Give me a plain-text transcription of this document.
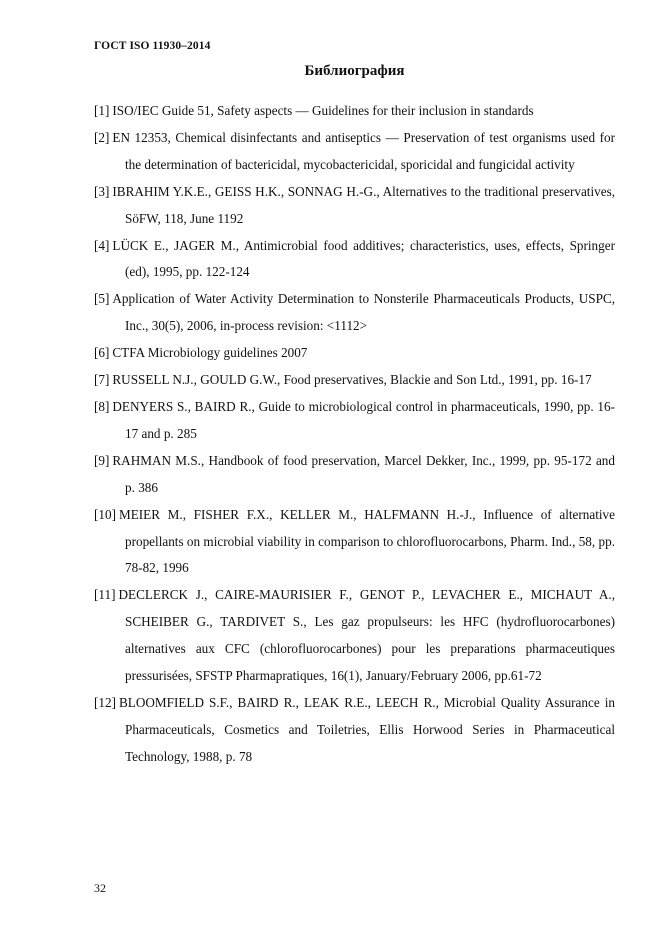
ГОСТ ISO 11930–2014
Библиография
[1] ISO/IEC Guide 51, Safety aspects — Guidelines for their inclusion in standards
[2] EN 12353, Chemical disinfectants and antiseptics — Preservation of test organisms used for the determination of bactericidal, mycobactericidal, sporicidal and fungicidal activity
[3] IBRAHIM Y.K.E., GEISS H.K., SONNAG H.-G., Alternatives to the traditional preservatives, SöFW, 118, June 1192
[4] LÜCK E., JAGER M., Antimicrobial food additives; characteristics, uses, effects, Springer (ed), 1995, pp. 122-124
[5] Application of Water Activity Determination to Nonsterile Pharmaceuticals Products, USPC, Inc., 30(5), 2006, in-process revision: <1112>
[6] CTFA Microbiology guidelines 2007
[7] RUSSELL N.J., GOULD G.W., Food preservatives, Blackie and Son Ltd., 1991, pp. 16-17
[8] DENYERS S., BAIRD R., Guide to microbiological control in pharmaceuticals, 1990, pp. 16-17 and p. 285
[9] RAHMAN M.S., Handbook of food preservation, Marcel Dekker, Inc., 1999, pp. 95-172 and p. 386
[10] MEIER M., FISHER F.X., KELLER M., HALFMANN H.-J., Influence of alternative propellants on microbial viability in comparison to chlorofluorocarbons, Pharm. Ind., 58, pp. 78-82, 1996
[11] DECLERCK J., CAIRE-MAURISIER F., GENOT P., LEVACHER E., MICHAUT A., SCHEIBER G., TARDIVET S., Les gaz propulseurs: les HFC (hydrofluorocarbones) alternatives aux CFC (chlorofluorocarbones) pour les preparations pharmaceutiques pressurisées, SFSTP Pharmapratiques, 16(1), January/February 2006, pp.61-72
[12] BLOOMFIELD S.F., BAIRD R., LEAK R.E., LEECH R., Microbial Quality Assurance in Pharmaceuticals, Cosmetics and Toiletries, Ellis Horwood Series in Pharmaceutical Technology, 1988, p. 78
32
